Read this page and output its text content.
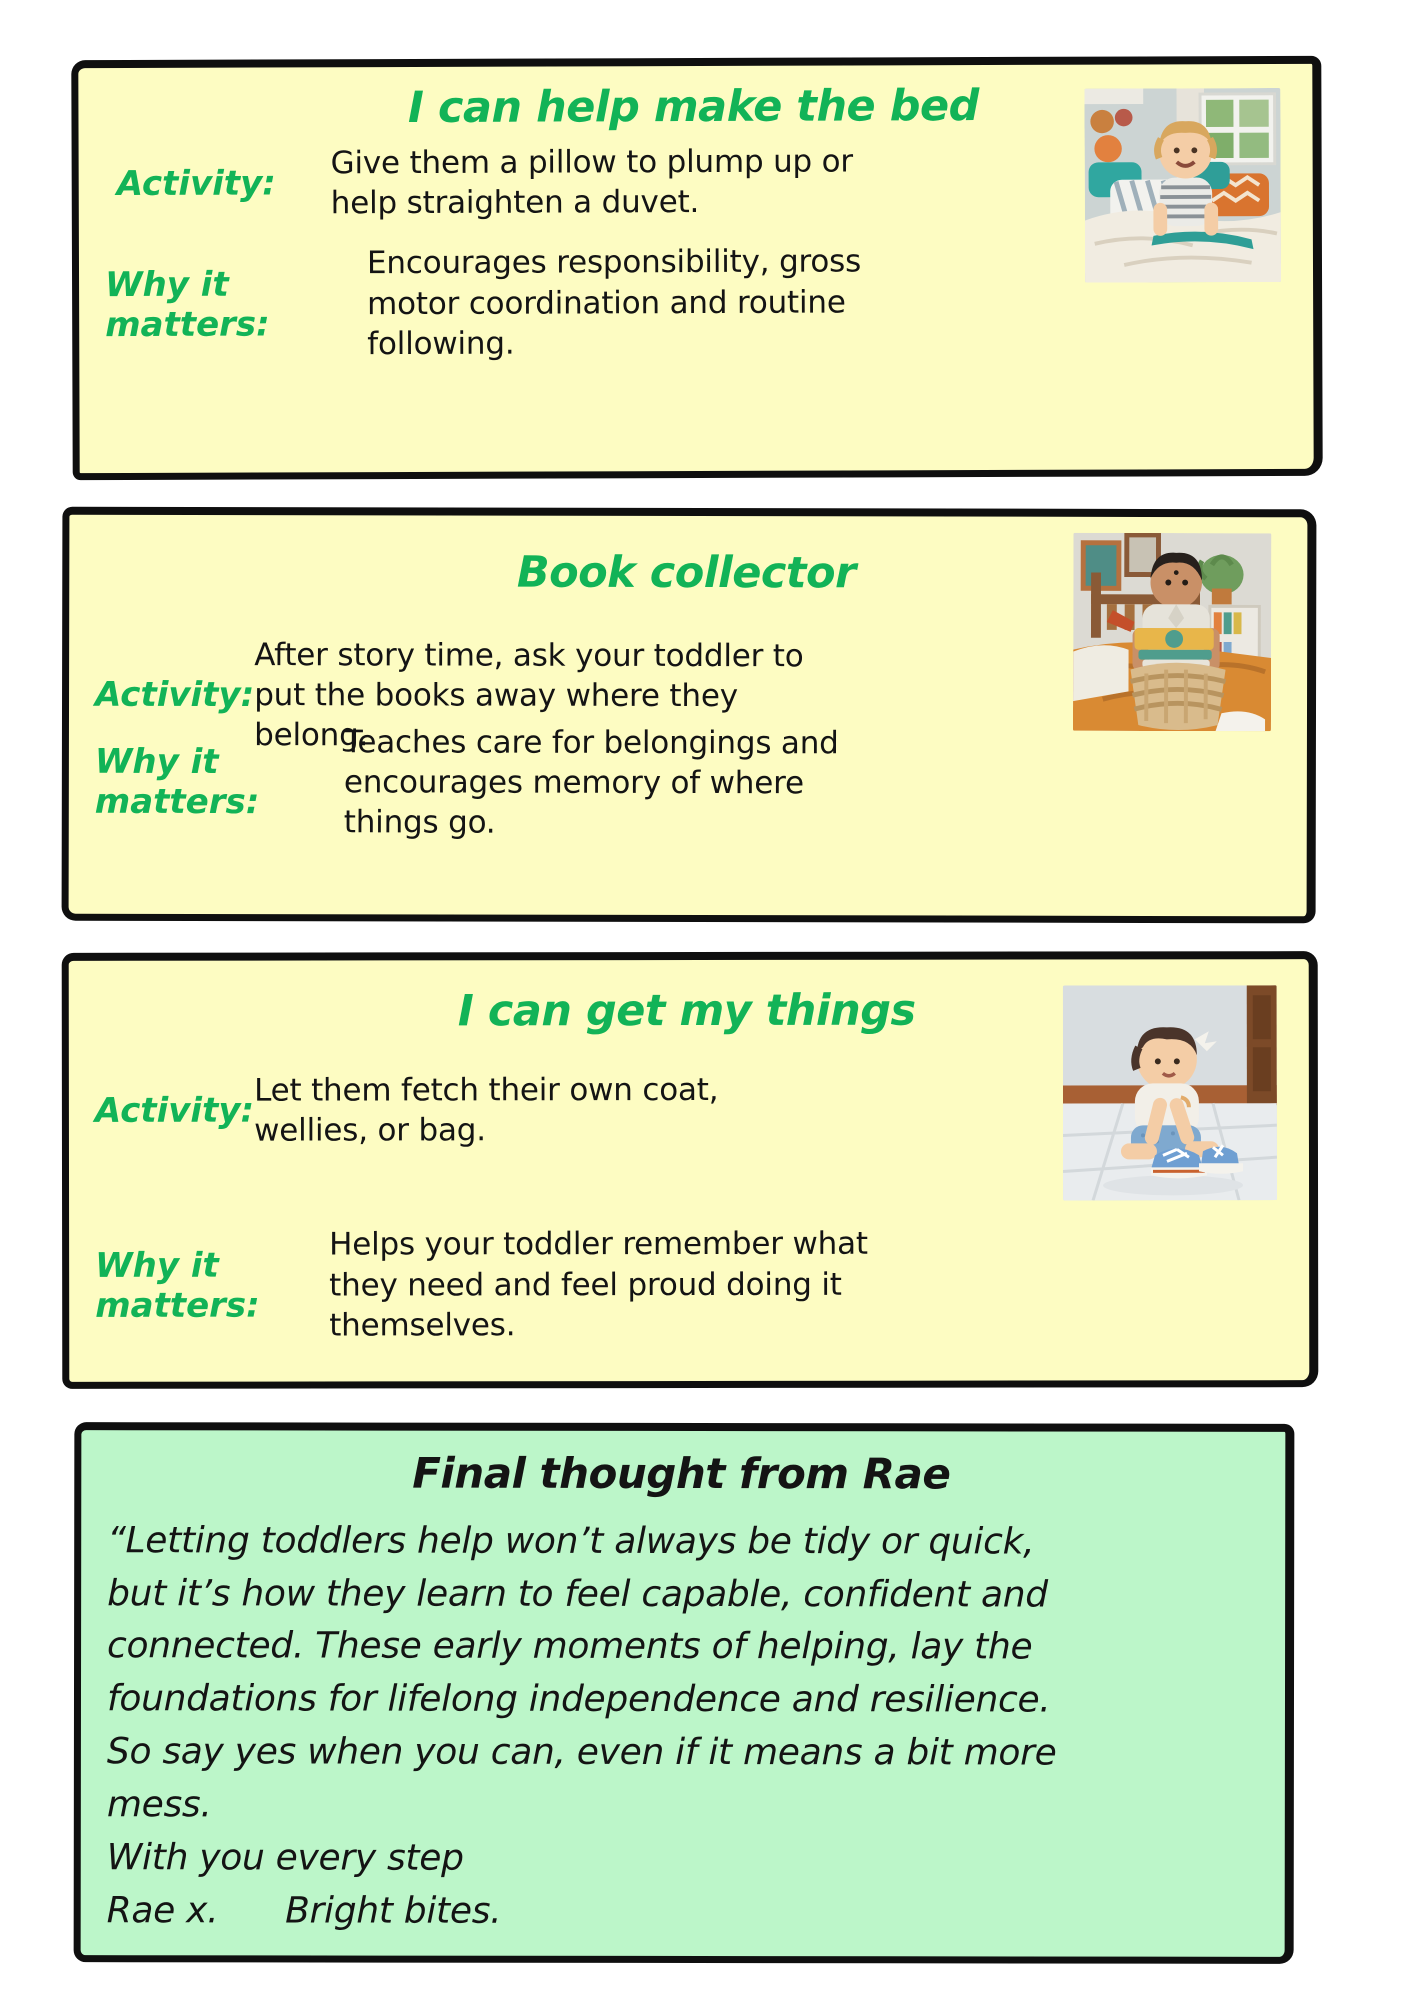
I can help make the bed
Activity:

Give them a pillow to plump up or
help straighten a duvet.

Why it matters:

Encourages responsibility, gross
motor coordination and routine
following.

Book collector
Activity:

After story time, ask your toddler to
put the books away where they
belong.

Why it matters:

Teaches care for belongings and
encourages memory of where
things go.

I can get my things
Activity:

Let them fetch their own coat,
wellies, or bag.

Why it matters:

Helps your toddler remember what
they need and feel proud doing it
themselves.

Final thought from Rae

“Letting toddlers help won’t always be tidy or quick,
but it’s how they learn to feel capable, confident and
connected. These early moments of helping, lay the
foundations for lifelong independence and resilience.
So say yes when you can, even if it means a bit more
mess.
With you every step
Rae x.      Bright bites.
